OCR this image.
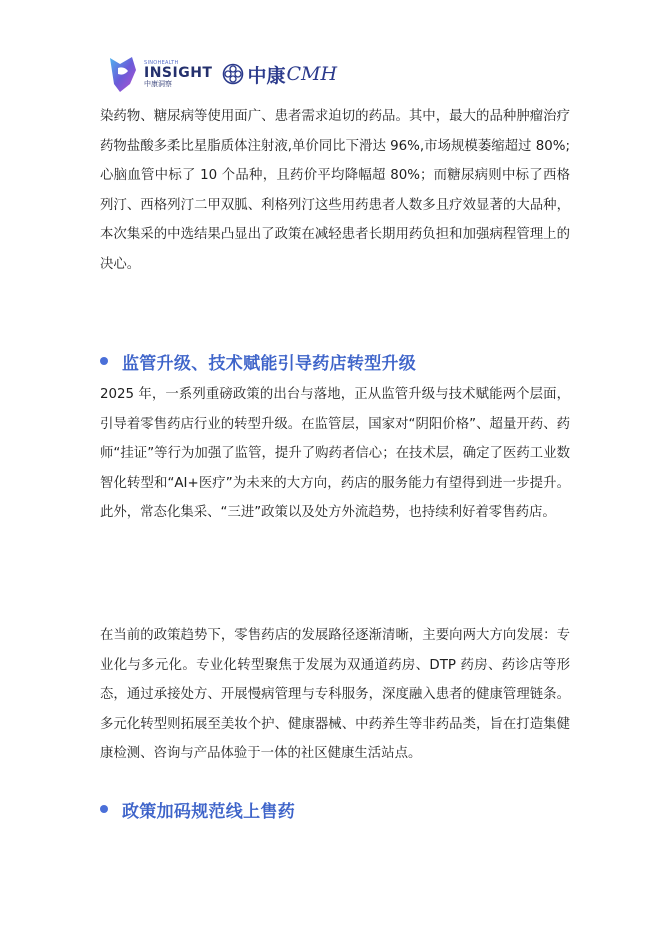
SINOHEALTH
INSIGHT
中康洞察	中康 CMH

染药物、糖尿病等使用面广、患者需求迫切的药品。其中，最大的品种肿瘤治疗药物盐酸多柔比星脂质体注射液,单价同比下滑达 96%,市场规模萎缩超过 80%;心脑血管中标了 10 个品种，且药价平均降幅超 80%；而糖尿病则中标了西格列汀、西格列汀二甲双胍、利格列汀这些用药患者人数多且疗效显著的大品种，本次集采的中选结果凸显出了政策在减轻患者长期用药负担和加强病程管理上的决心。

监管升级、技术赋能引导药店转型升级

2025 年，一系列重磅政策的出台与落地，正从监管升级与技术赋能两个层面，引导着零售药店行业的转型升级。在监管层，国家对“阴阳价格”、超量开药、药师“挂证”等行为加强了监管，提升了购药者信心；在技术层，确定了医药工业数智化转型和“AI+医疗”为未来的大方向，药店的服务能力有望得到进一步提升。此外，常态化集采、“三进”政策以及处方外流趋势，也持续利好着零售药店。

在当前的政策趋势下，零售药店的发展路径逐渐清晰，主要向两大方向发展：专业化与多元化。专业化转型聚焦于发展为双通道药房、DTP 药房、药诊店等形态，通过承接处方、开展慢病管理与专科服务，深度融入患者的健康管理链条。多元化转型则拓展至美妆个护、健康器械、中药养生等非药品类，旨在打造集健康检测、咨询与产品体验于一体的社区健康生活站点。

政策加码规范线上售药
